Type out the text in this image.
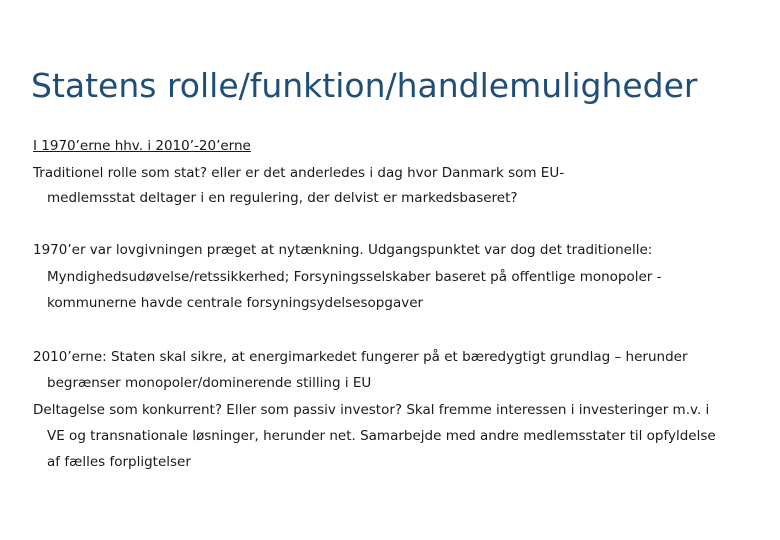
Statens rolle/funktion/handlemuligheder
I 1970’erne hhv. i 2010’-20’erne
Traditionel rolle som stat? eller er det anderledes i dag hvor Danmark som EU-
medlemsstat deltager i en regulering, der delvist er markedsbaseret?
1970’er var lovgivningen præget at nytænkning. Udgangspunktet var dog det traditionelle:
Myndighedsudøvelse/retssikkerhed; Forsyningsselskaber baseret på offentlige monopoler -
kommunerne havde centrale forsyningsydelsesopgaver
2010’erne: Staten skal sikre, at energimarkedet fungerer på et bæredygtigt grundlag – herunder
begrænser monopoler/dominerende stilling i EU
Deltagelse som konkurrent? Eller som passiv investor? Skal fremme interessen i investeringer m.v. i
VE og transnationale løsninger, herunder net. Samarbejde med andre medlemsstater til opfyldelse
af fælles forpligtelser
